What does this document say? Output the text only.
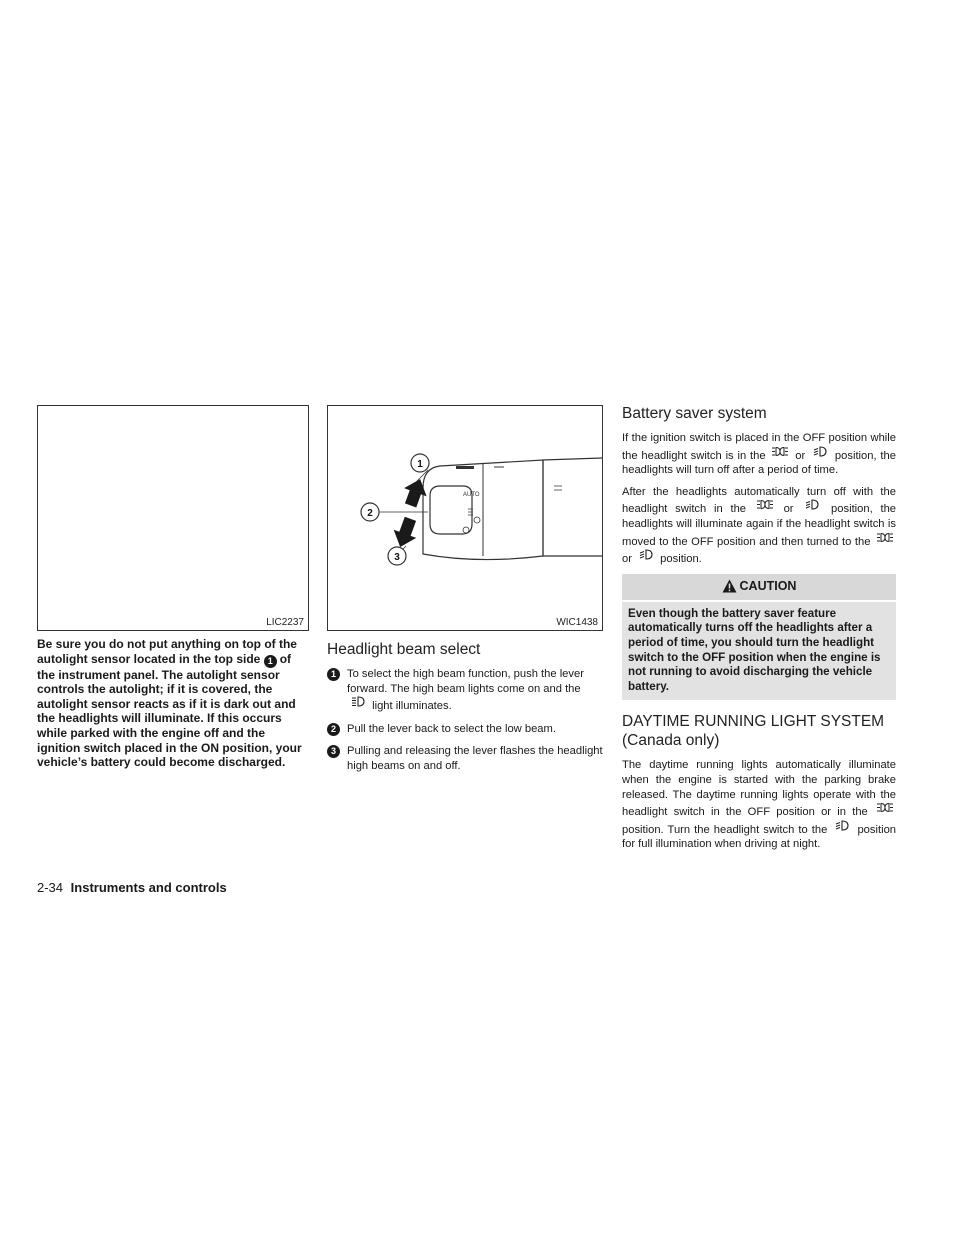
LIC2237

Be sure you do not put anything on top of the autolight sensor located in the top side 1 of the instrument panel. The autolight sensor controls the autolight; if it is covered, the autolight sensor reacts as if it is dark out and the headlights will illuminate. If this occurs while parked with the engine off and the ignition switch placed in the ON position, your vehicle’s battery could become discharged.

AUTO
1
2
3
WIC1438
Headlight beam select
1 To select the high beam function, push the lever forward. The high beam lights come on and the
light illuminates.
2 Pull the lever back to select the low beam.
3 Pulling and releasing the lever flashes the headlight high beams on and off.
Battery saver system

If the ignition switch is placed in the OFF position while the headlight switch is in the	or	position, the headlights will turn off after a period of time.

After the headlights automatically turn off with the headlight switch in the	or	position, the headlights will illuminate again if the headlight switch is moved to the OFF position and then turned to the
or	position.

CAUTION
Even though the battery saver feature automatically turns off the headlights after a period of time, you should turn the headlight switch to the OFF position when the engine is not running to avoid discharging the vehicle battery.
DAYTIME RUNNING LIGHT SYSTEM
(Canada only)

The daytime running lights automatically illuminate when the engine is started with the parking brake released. The daytime running lights operate with the headlight switch in the OFF position or in the
position. Turn the headlight switch to the	position for full illumination when driving at night.

2-34 Instruments and controls
